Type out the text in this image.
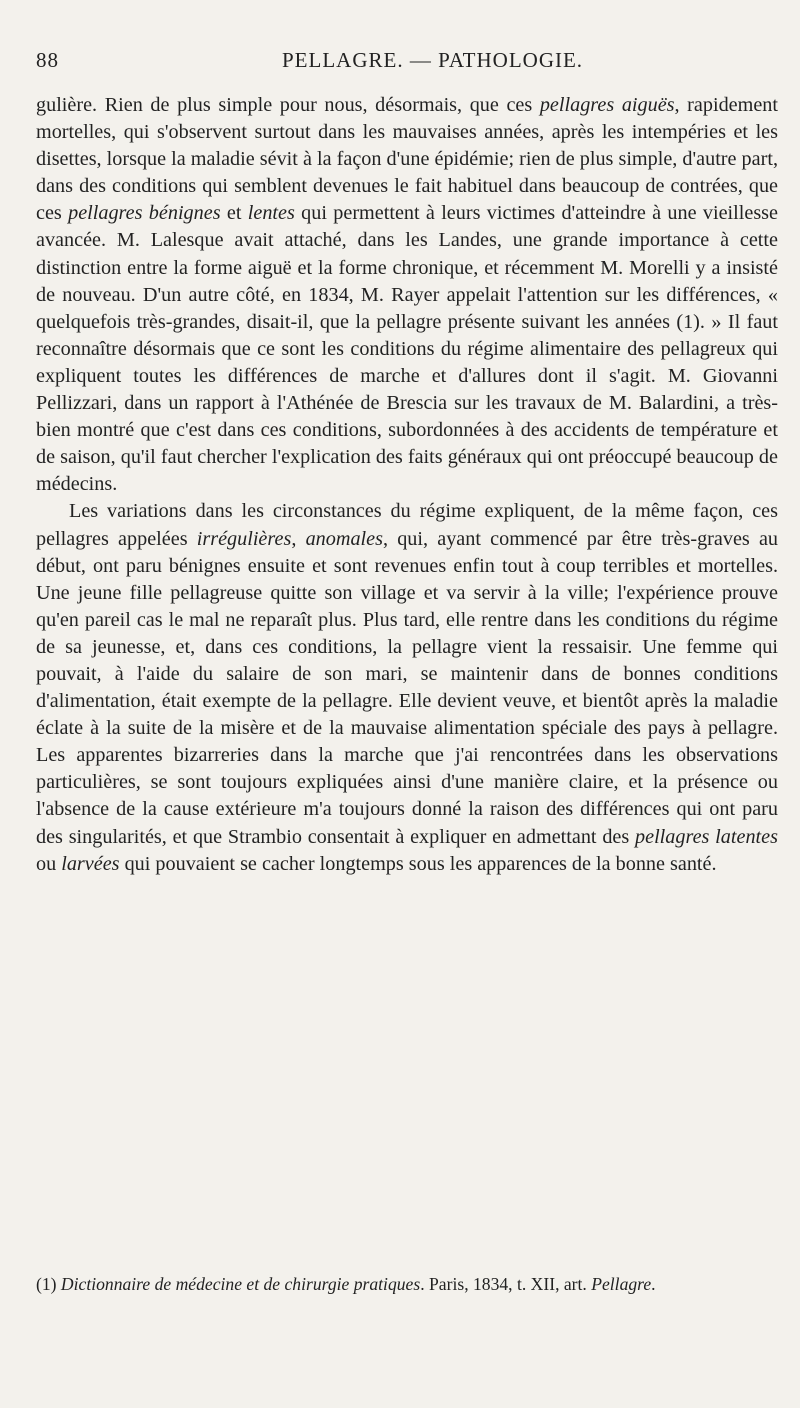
88	PELLAGRE. — PATHOLOGIE.

gulière. Rien de plus simple pour nous, désormais, que ces pellagres aiguës, rapidement mortelles, qui s'observent surtout dans les mauvaises années, après les intempéries et les disettes, lorsque la maladie sévit à la façon d'une épidémie; rien de plus simple, d'autre part, dans des conditions qui semblent devenues le fait habituel dans beaucoup de contrées, que ces pellagres bénignes et lentes qui permettent à leurs victimes d'atteindre à une vieillesse avancée. M. Lalesque avait attaché, dans les Landes, une grande importance à cette distinction entre la forme aiguë et la forme chronique, et récemment M. Morelli y a insisté de nouveau. D'un autre côté, en 1834, M. Rayer appelait l'attention sur les différences, « quelquefois très-grandes, disait-il, que la pellagre présente suivant les années (1). » Il faut reconnaître désormais que ce sont les conditions du régime alimentaire des pellagreux qui expliquent toutes les différences de marche et d'allures dont il s'agit. M. Giovanni Pellizzari, dans un rapport à l'Athénée de Brescia sur les travaux de M. Balardini, a très-bien montré que c'est dans ces conditions, subordonnées à des accidents de température et de saison, qu'il faut chercher l'explication des faits généraux qui ont préoccupé beaucoup de médecins.

Les variations dans les circonstances du régime expliquent, de la même façon, ces pellagres appelées irrégulières, anomales, qui, ayant commencé par être très-graves au début, ont paru bénignes ensuite et sont revenues enfin tout à coup terribles et mortelles. Une jeune fille pellagreuse quitte son village et va servir à la ville; l'expérience prouve qu'en pareil cas le mal ne reparaît plus. Plus tard, elle rentre dans les conditions du régime de sa jeunesse, et, dans ces conditions, la pellagre vient la ressaisir. Une femme qui pouvait, à l'aide du salaire de son mari, se maintenir dans de bonnes conditions d'alimentation, était exempte de la pellagre. Elle devient veuve, et bientôt après la maladie éclate à la suite de la misère et de la mauvaise alimentation spéciale des pays à pellagre. Les apparentes bizarreries dans la marche que j'ai rencontrées dans les observations particulières, se sont toujours expliquées ainsi d'une manière claire, et la présence ou l'absence de la cause extérieure m'a toujours donné la raison des différences qui ont paru des singularités, et que Strambio consentait à expliquer en admettant des pellagres latentes ou larvées qui pouvaient se cacher longtemps sous les apparences de la bonne santé.

(1) Dictionnaire de médecine et de chirurgie pratiques. Paris, 1834, t. XII, art. Pellagre.
